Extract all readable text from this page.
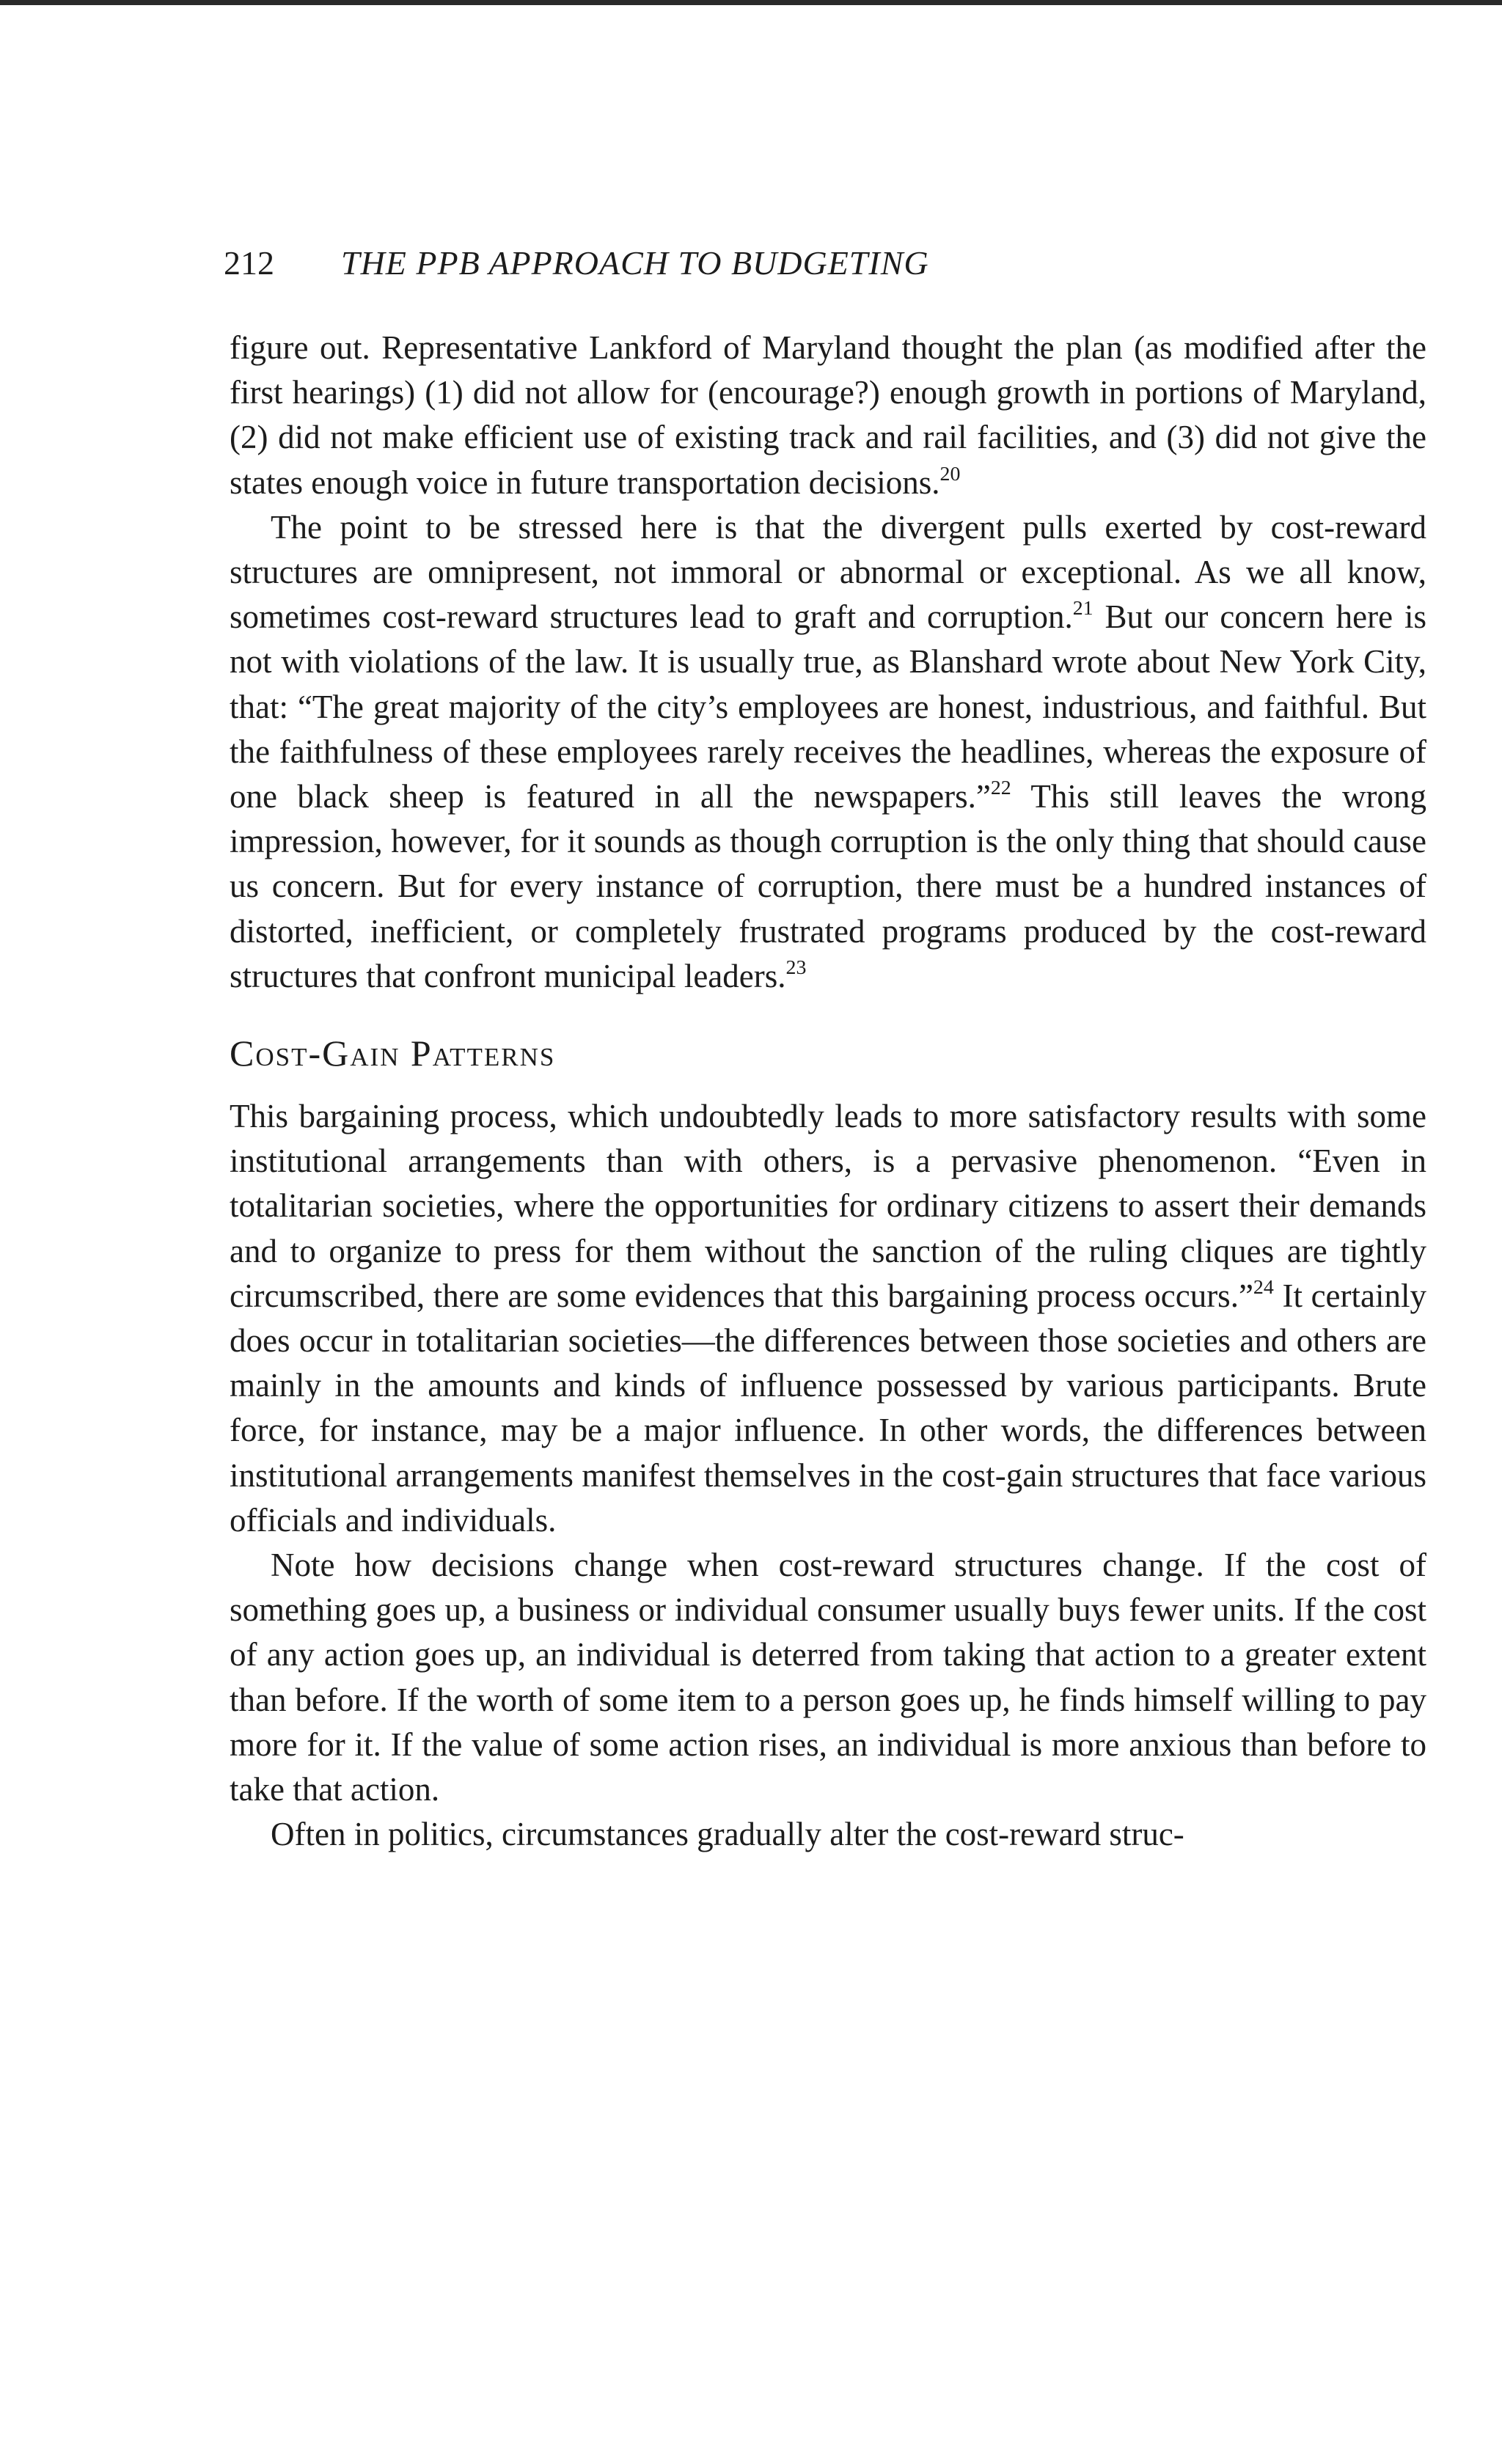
212 THE PPB APPROACH TO BUDGETING

figure out. Representative Lankford of Maryland thought the plan (as modified after the first hearings) (1) did not allow for (encourage?) enough growth in portions of Maryland, (2) did not make efficient use of existing track and rail facilities, and (3) did not give the states enough voice in future transportation decisions.$^{20}$

The point to be stressed here is that the divergent pulls exerted by cost-reward structures are omnipresent, not immoral or abnormal or exceptional. As we all know, sometimes cost-reward structures lead to graft and corruption.$^{21}$ But our concern here is not with violations of the law. It is usually true, as Blanshard wrote about New York City, that: “The great majority of the city’s employees are honest, industrious, and faithful. But the faithfulness of these employees rarely receives the headlines, whereas the exposure of one black sheep is featured in all the newspapers.”$^{22}$ This still leaves the wrong impression, however, for it sounds as though corruption is the only thing that should cause us concern. But for every instance of corruption, there must be a hundred instances of distorted, inefficient, or completely frustrated programs produced by the cost-reward structures that confront municipal leaders.$^{23}$

Cost-Gain Patterns

This bargaining process, which undoubtedly leads to more satisfactory results with some institutional arrangements than with others, is a pervasive phenomenon. “Even in totalitarian societies, where the opportunities for ordinary citizens to assert their demands and to organize to press for them without the sanction of the ruling cliques are tightly circumscribed, there are some evidences that this bargaining process occurs.”$^{24}$ It certainly does occur in totalitarian societies—the differences between those societies and others are mainly in the amounts and kinds of influence possessed by various participants. Brute force, for instance, may be a major influence. In other words, the differences between institutional arrangements manifest themselves in the cost-gain structures that face various officials and individuals.

Note how decisions change when cost-reward structures change. If the cost of something goes up, a business or individual consumer usually buys fewer units. If the cost of any action goes up, an individual is deterred from taking that action to a greater extent than before. If the worth of some item to a person goes up, he finds himself willing to pay more for it. If the value of some action rises, an individual is more anxious than before to take that action.

Often in politics, circumstances gradually alter the cost-reward struc-
